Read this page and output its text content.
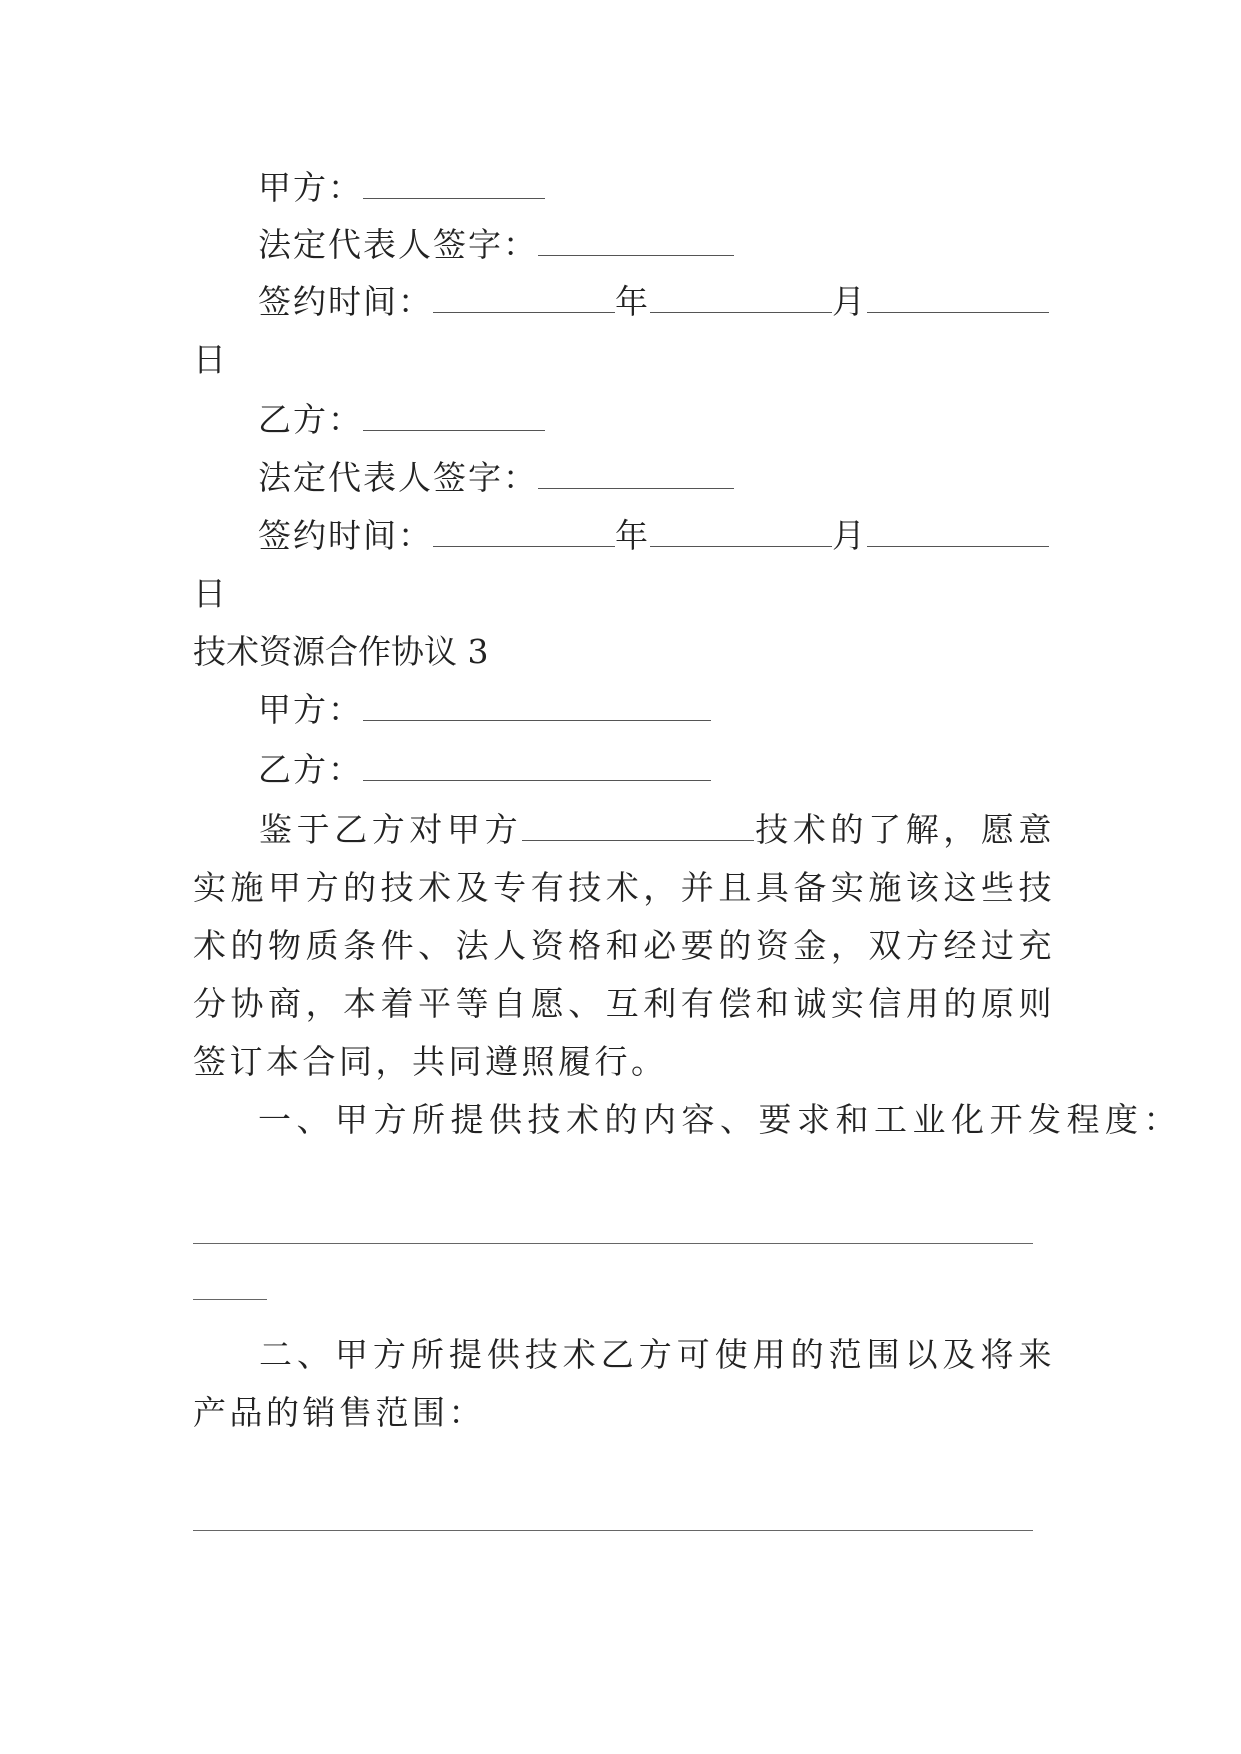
甲方：
法定代表人签字：
签约时间：	年	月
日
乙方：
法定代表人签字：
签约时间：	年	月
日
技术资源合作协议 3
甲方：
乙方：
鉴于乙方对甲方	技术的了解，愿意实施甲方的技术及专有技术，并且具备实施该这些技术的物质条件、法人资格和必要的资金，双方经过充分协商，本着平等自愿、互利有偿和诚实信用的原则签订本合同，共同遵照履行。
一、甲方所提供技术的内容、要求和工业化开发程度：
二、甲方所提供技术乙方可使用的范围以及将来产品的销售范围：
